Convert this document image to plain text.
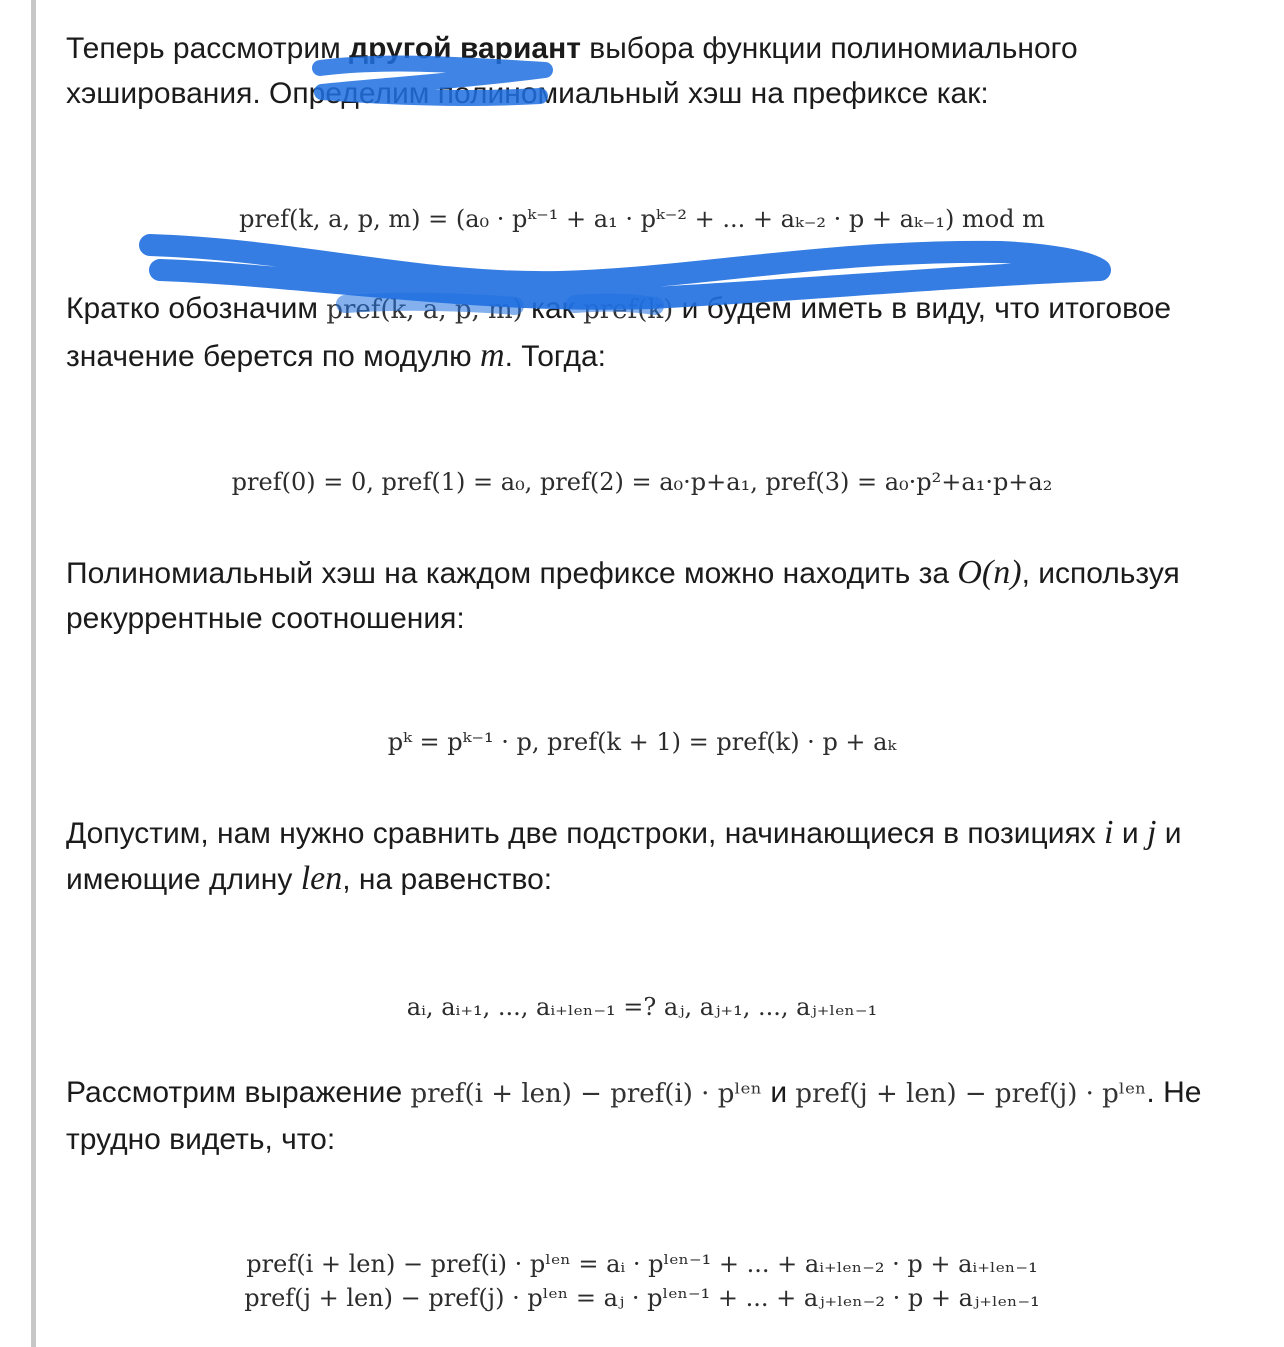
Теперь рассмотрим другой вариант выбора функции полиномиального хэширования. Определим полиномиальный хэш на префиксе как:

pref(k, a, p, m) = (a₀ · pᵏ⁻¹ + a₁ · pᵏ⁻² + ... + aₖ₋₂ · p + aₖ₋₁) mod m

Кратко обозначим pref(k, a, p, m) как pref(k) и будем иметь в виду, что итоговое значение берется по модулю m. Тогда:

pref(0) = 0, pref(1) = a₀, pref(2) = a₀·p+a₁, pref(3) = a₀·p²+a₁·p+a₂

Полиномиальный хэш на каждом префиксе можно находить за O(n), используя рекуррентные соотношения:

pᵏ = pᵏ⁻¹ · p, pref(k + 1) = pref(k) · p + aₖ

Допустим, нам нужно сравнить две подстроки, начинающиеся в позициях i и j и имеющие длину len, на равенство:

aᵢ, aᵢ₊₁, ..., aᵢ₊ₗₑₙ₋₁ =? aⱼ, aⱼ₊₁, ..., aⱼ₊ₗₑₙ₋₁

Рассмотрим выражение pref(i + len) − pref(i) · pˡᵉⁿ и pref(j + len) − pref(j) · pˡᵉⁿ. Не трудно видеть, что:

pref(i + len) − pref(i) · pˡᵉⁿ = aᵢ · pˡᵉⁿ⁻¹ + ... + aᵢ₊ₗₑₙ₋₂ · p + aᵢ₊ₗₑₙ₋₁
pref(j + len) − pref(j) · pˡᵉⁿ = aⱼ · pˡᵉⁿ⁻¹ + ... + aⱼ₊ₗₑₙ₋₂ · p + aⱼ₊ₗₑₙ₋₁
